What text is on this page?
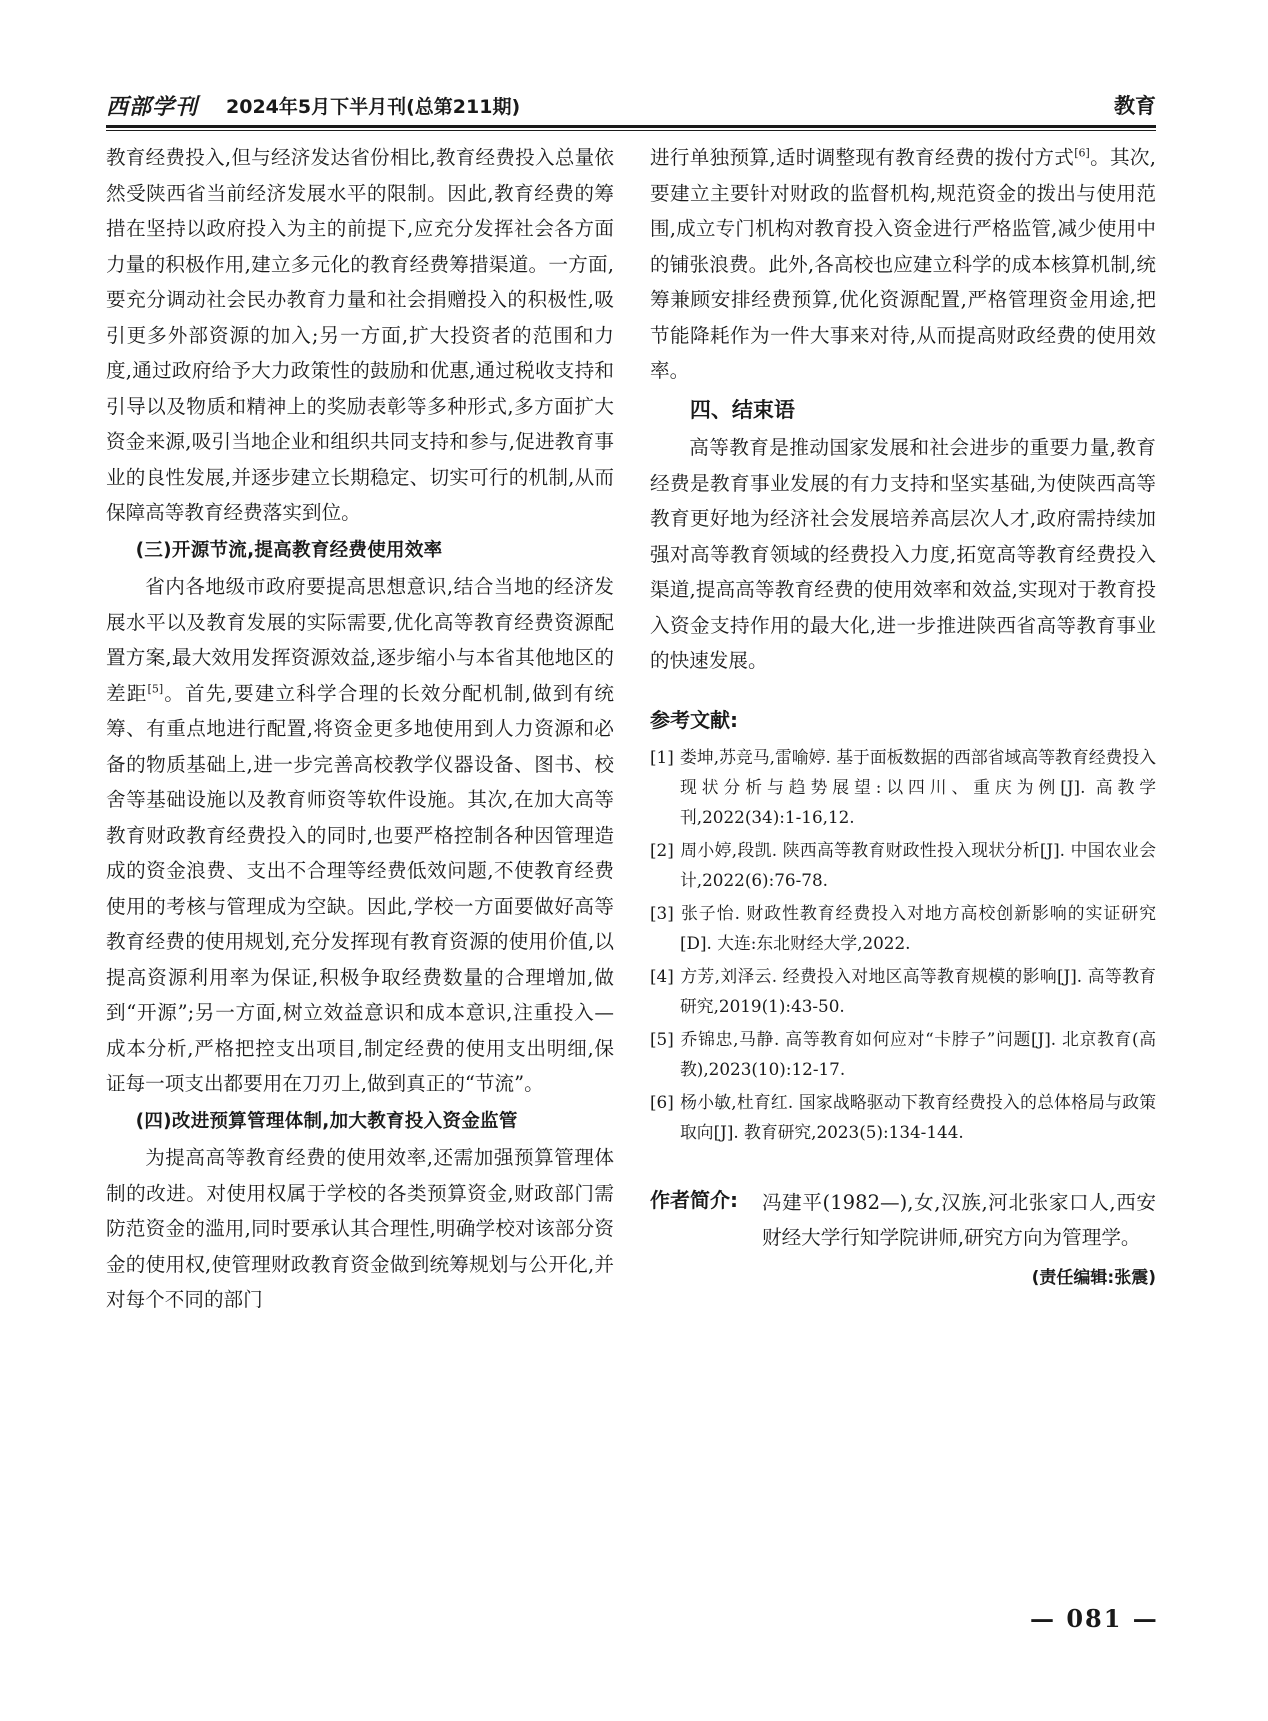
西部学刊 2024年5月下半月刊(总第211期)	教育

教育经费投入,但与经济发达省份相比,教育经费投入总量依然受陕西省当前经济发展水平的限制。因此,教育经费的筹措在坚持以政府投入为主的前提下,应充分发挥社会各方面力量的积极作用,建立多元化的教育经费筹措渠道。一方面,要充分调动社会民办教育力量和社会捐赠投入的积极性,吸引更多外部资源的加入;另一方面,扩大投资者的范围和力度,通过政府给予大力政策性的鼓励和优惠,通过税收支持和引导以及物质和精神上的奖励表彰等多种形式,多方面扩大资金来源,吸引当地企业和组织共同支持和参与,促进教育事业的良性发展,并逐步建立长期稳定、切实可行的机制,从而保障高等教育经费落实到位。

(三)开源节流,提高教育经费使用效率

省内各地级市政府要提高思想意识,结合当地的经济发展水平以及教育发展的实际需要,优化高等教育经费资源配置方案,最大效用发挥资源效益,逐步缩小与本省其他地区的差距[5]。首先,要建立科学合理的长效分配机制,做到有统筹、有重点地进行配置,将资金更多地使用到人力资源和必备的物质基础上,进一步完善高校教学仪器设备、图书、校舍等基础设施以及教育师资等软件设施。其次,在加大高等教育财政教育经费投入的同时,也要严格控制各种因管理造成的资金浪费、支出不合理等经费低效问题,不使教育经费使用的考核与管理成为空缺。因此,学校一方面要做好高等教育经费的使用规划,充分发挥现有教育资源的使用价值,以提高资源利用率为保证,积极争取经费数量的合理增加,做到“开源”;另一方面,树立效益意识和成本意识,注重投入—成本分析,严格把控支出项目,制定经费的使用支出明细,保证每一项支出都要用在刀刃上,做到真正的“节流”。

(四)改进预算管理体制,加大教育投入资金监管

为提高高等教育经费的使用效率,还需加强预算管理体制的改进。对使用权属于学校的各类预算资金,财政部门需防范资金的滥用,同时要承认其合理性,明确学校对该部分资金的使用权,使管理财政教育资金做到统筹规划与公开化,并对每个不同的部门

进行单独预算,适时调整现有教育经费的拨付方式[6]。其次,要建立主要针对财政的监督机构,规范资金的拨出与使用范围,成立专门机构对教育投入资金进行严格监管,减少使用中的铺张浪费。此外,各高校也应建立科学的成本核算机制,统筹兼顾安排经费预算,优化资源配置,严格管理资金用途,把节能降耗作为一件大事来对待,从而提高财政经费的使用效率。

四、结束语

高等教育是推动国家发展和社会进步的重要力量,教育经费是教育事业发展的有力支持和坚实基础,为使陕西高等教育更好地为经济社会发展培养高层次人才,政府需持续加强对高等教育领域的经费投入力度,拓宽高等教育经费投入渠道,提高高等教育经费的使用效率和效益,实现对于教育投入资金支持作用的最大化,进一步推进陕西省高等教育事业的快速发展。

参考文献:
[1] 娄坤,苏竞马,雷喻婷. 基于面板数据的西部省域高等教育经费投入现状分析与趋势展望:以四川、重庆为例[J]. 高教学刊,2022(34):1-16,12.
[2] 周小婷,段凯. 陕西高等教育财政性投入现状分析[J]. 中国农业会计,2022(6):76-78.
[3] 张子怡. 财政性教育经费投入对地方高校创新影响的实证研究[D]. 大连:东北财经大学,2022.
[4] 方芳,刘泽云. 经费投入对地区高等教育规模的影响[J]. 高等教育研究,2019(1):43-50.
[5] 乔锦忠,马静. 高等教育如何应对“卡脖子”问题[J]. 北京教育(高教),2023(10):12-17.
[6] 杨小敏,杜育红. 国家战略驱动下教育经费投入的总体格局与政策取向[J]. 教育研究,2023(5):134-144.
作者简介: 冯建平(1982—),女,汉族,河北张家口人,西安财经大学行知学院讲师,研究方向为管理学。
(责任编辑:张震)
— 081 —
